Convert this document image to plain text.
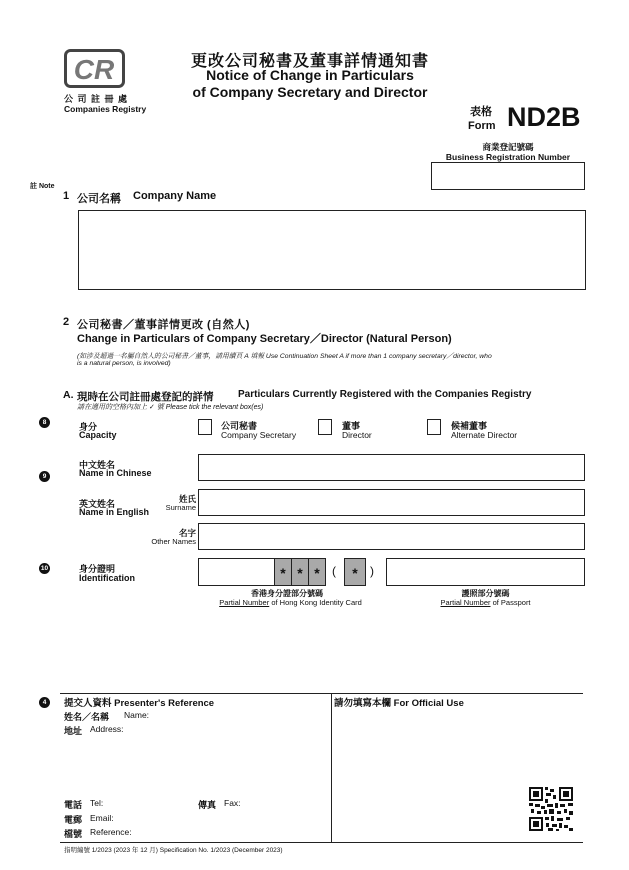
CR
公 司 註 冊 處
Companies Registry
更改公司秘書及董事詳情通知書
Notice of Change in Particulars
of Company Secretary and Director
表格
Form ND2B
商業登記號碼
Business Registration Number
註 Note
1 公司名稱 Company Name
2 公司秘書／董事詳情更改 (自然人)
Change in Particulars of Company Secretary／Director (Natural Person)
(如涉及超過一名屬自然人的公司秘書／董事，請用續頁 A 填報 Use Continuation Sheet A if more than 1 company secretary／director, who
is a natural person, is involved)
A. 現時在公司註冊處登記的詳情 Particulars Currently Registered with the Companies Registry
請在適用的空格內加上 ✓ 號 Please tick the relevant box(es)
8	身分
Capacity
公司秘書
Company Secretary
董事
Director
候補董事
Alternate Director
9
中文姓名
Name in Chinese
英文姓名
Name in English
姓氏
Surname
名字
Other Names
10	身分證明
Identification	* * *	(	*	)
香港身分證部分號碼
Partial Number of Hong Kong Identity Card
護照部分號碼
Partial Number of Passport
4	提交人資料 Presenter's Reference
姓名／名稱 Name:
地址 Address:
電話 Tel:	傳真 Fax:
電郵 Email:
檔號 Reference:
請勿填寫本欄 For Official Use
指明編號 1/2023 (2023 年 12 月) Specification No. 1/2023 (December 2023)
